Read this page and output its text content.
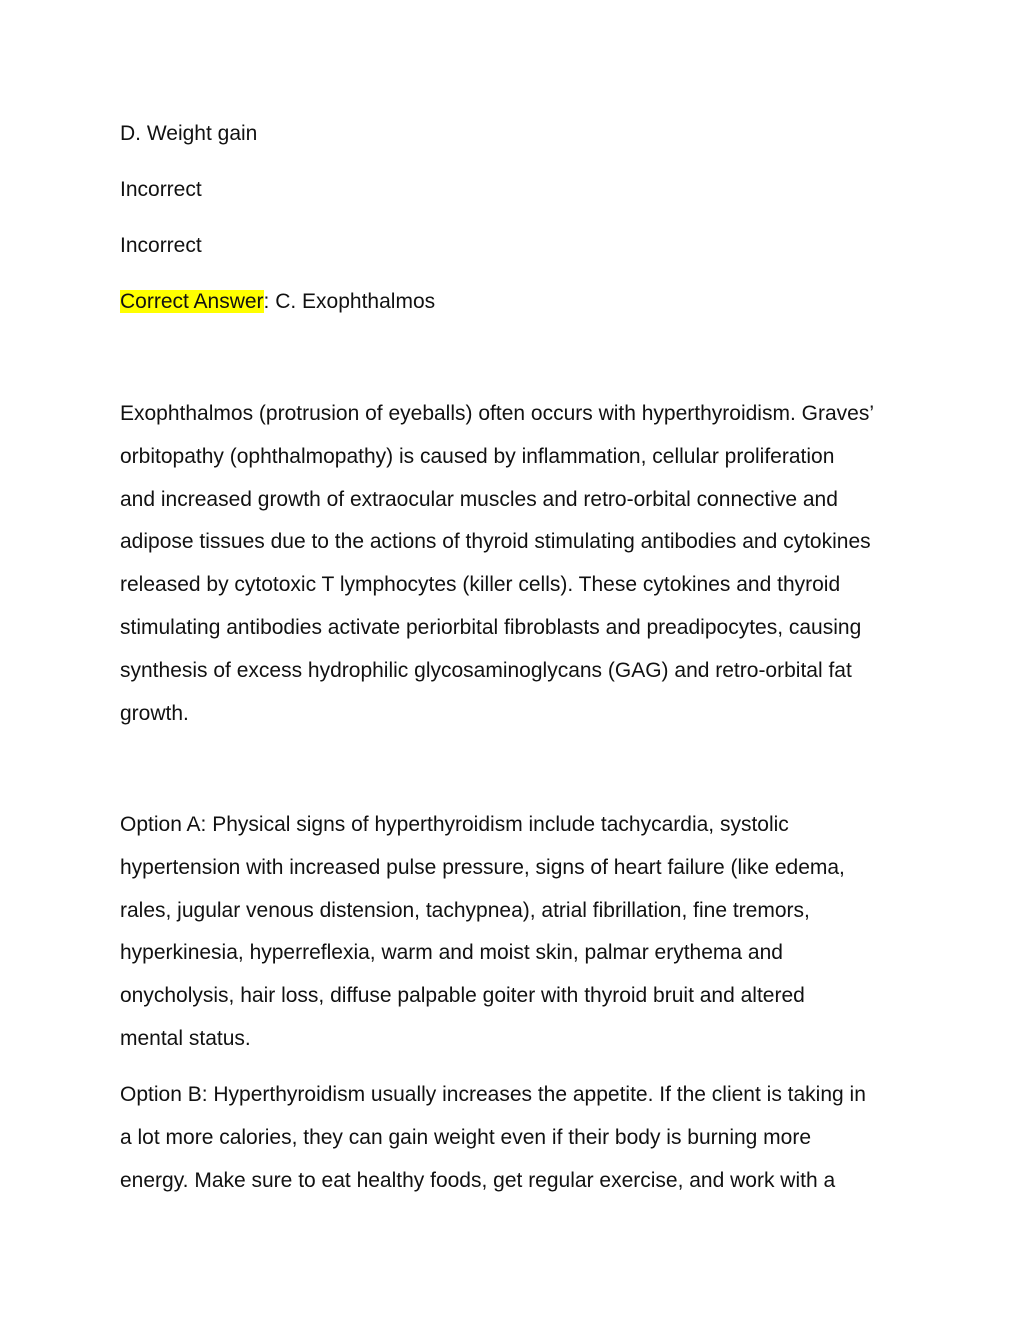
D. Weight gain
Incorrect
Incorrect
Correct Answer: C. Exophthalmos
Exophthalmos (protrusion of eyeballs) often occurs with hyperthyroidism. Graves’
orbitopathy (ophthalmopathy) is caused by inflammation, cellular proliferation
and increased growth of extraocular muscles and retro-orbital connective and
adipose tissues due to the actions of thyroid stimulating antibodies and cytokines
released by cytotoxic T lymphocytes (killer cells). These cytokines and thyroid
stimulating antibodies activate periorbital fibroblasts and preadipocytes, causing
synthesis of excess hydrophilic glycosaminoglycans (GAG) and retro-orbital fat
growth.
Option A: Physical signs of hyperthyroidism include tachycardia, systolic
hypertension with increased pulse pressure, signs of heart failure (like edema,
rales, jugular venous distension, tachypnea), atrial fibrillation, fine tremors,
hyperkinesia, hyperreflexia, warm and moist skin, palmar erythema and
onycholysis, hair loss, diffuse palpable goiter with thyroid bruit and altered
mental status.
Option B: Hyperthyroidism usually increases the appetite. If the client is taking in
a lot more calories, they can gain weight even if their body is burning more
energy. Make sure to eat healthy foods, get regular exercise, and work with a
